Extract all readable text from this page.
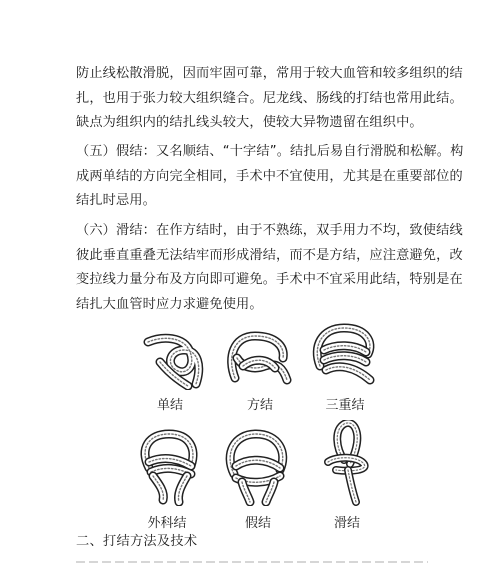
防止线松散滑脱，因而牢固可靠，常用于较大血管和较多组织的结
扎，也用于张力较大组织缝合。尼龙线、肠线的打结也常用此结。
缺点为组织内的结扎线头较大，使较大异物遗留在组织中。

（五）假结：又名顺结、“十字结”。结扎后易自行滑脱和松解。构
成两单结的方向完全相同，手术中不宜使用，尤其是在重要部位的
结扎时忌用。

（六）滑结：在作方结时，由于不熟练，双手用力不均，致使结线
彼此垂直重叠无法结牢而形成滑结，而不是方结，应注意避免，改
变拉线力量分布及方向即可避免。手术中不宜采用此结，特别是在
结扎大血管时应力求避免使用。

单结	方结	三重结
外科结	假结	滑结
二、打结方法及技术
